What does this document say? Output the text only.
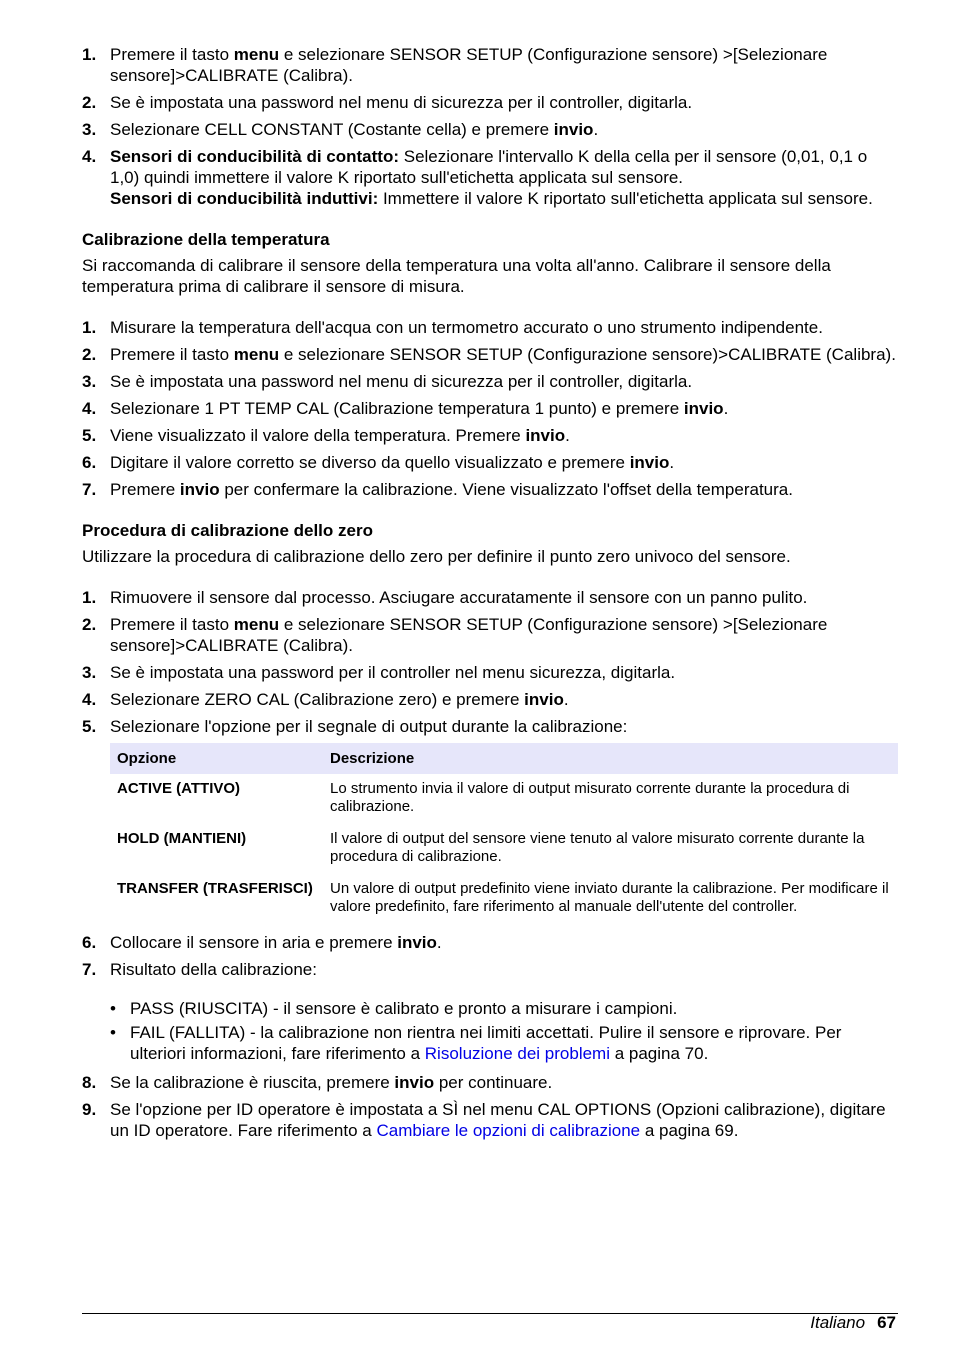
1. Premere il tasto menu e selezionare SENSOR SETUP (Configurazione sensore) >[Selezionare sensore]>CALIBRATE (Calibra).
2. Se è impostata una password nel menu di sicurezza per il controller, digitarla.
3. Selezionare CELL CONSTANT (Costante cella) e premere invio.
4. Sensori di conducibilità di contatto: Selezionare l'intervallo K della cella per il sensore (0,01, 0,1 o 1,0) quindi immettere il valore K riportato sull'etichetta applicata sul sensore.
Sensori di conducibilità induttivi: Immettere il valore K riportato sull'etichetta applicata sul sensore.
Calibrazione della temperatura

Si raccomanda di calibrare il sensore della temperatura una volta all'anno. Calibrare il sensore della temperatura prima di calibrare il sensore di misura.

1. Misurare la temperatura dell'acqua con un termometro accurato o uno strumento indipendente.
2. Premere il tasto menu e selezionare SENSOR SETUP (Configurazione sensore)>CALIBRATE (Calibra).
3. Se è impostata una password nel menu di sicurezza per il controller, digitarla.
4. Selezionare 1 PT TEMP CAL (Calibrazione temperatura 1 punto) e premere invio.
5. Viene visualizzato il valore della temperatura. Premere invio.
6. Digitare il valore corretto se diverso da quello visualizzato e premere invio.
7. Premere invio per confermare la calibrazione. Viene visualizzato l'offset della temperatura.
Procedura di calibrazione dello zero

Utilizzare la procedura di calibrazione dello zero per definire il punto zero univoco del sensore.

1. Rimuovere il sensore dal processo. Asciugare accuratamente il sensore con un panno pulito.
2. Premere il tasto menu e selezionare SENSOR SETUP (Configurazione sensore) >[Selezionare sensore]>CALIBRATE (Calibra).
3. Se è impostata una password per il controller nel menu sicurezza, digitarla.
4. Selezionare ZERO CAL (Calibrazione zero) e premere invio.
5. Selezionare l'opzione per il segnale di output durante la calibrazione:
Opzione	Descrizione
ACTIVE (ATTIVO)	Lo strumento invia il valore di output misurato corrente durante la procedura di calibrazione.
HOLD (MANTIENI)	Il valore di output del sensore viene tenuto al valore misurato corrente durante la procedura di calibrazione.
TRANSFER (TRASFERISCI)	Un valore di output predefinito viene inviato durante la calibrazione. Per modificare il valore predefinito, fare riferimento al manuale dell'utente del controller.
6. Collocare il sensore in aria e premere invio.
7. Risultato della calibrazione:
• PASS (RIUSCITA) - il sensore è calibrato e pronto a misurare i campioni.
• FAIL (FALLITA) - la calibrazione non rientra nei limiti accettati. Pulire il sensore e riprovare. Per ulteriori informazioni, fare riferimento a Risoluzione dei problemi a pagina 70.
8. Se la calibrazione è riuscita, premere invio per continuare.
9. Se l'opzione per ID operatore è impostata a SÌ nel menu CAL OPTIONS (Opzioni calibrazione), digitare un ID operatore. Fare riferimento a Cambiare le opzioni di calibrazione a pagina 69.
Italiano 67
